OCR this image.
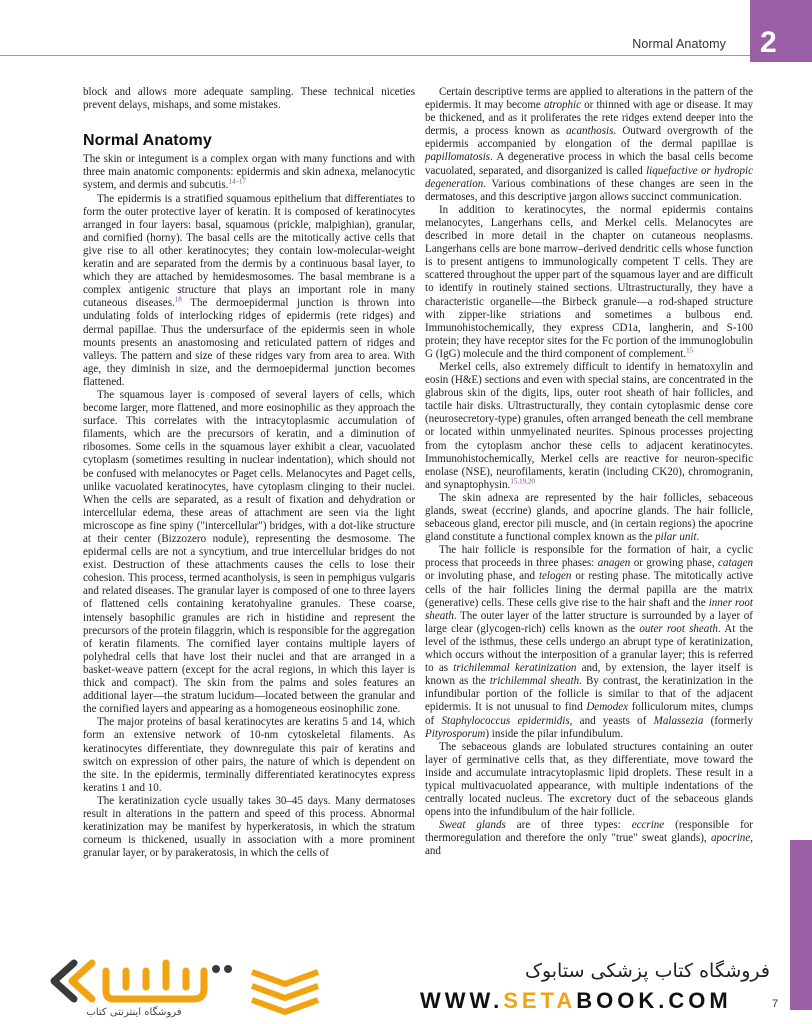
Normal Anatomy 2

block and allows more adequate sampling. These technical niceties prevent delays, mishaps, and some mistakes.

Normal Anatomy

The skin or integument is a complex organ with many functions and with three main anatomic components: epidermis and skin adnexa, melanocytic system, and dermis and subcutis.$^{14-17}$

The epidermis is a stratified squamous epithelium that differentiates to form the outer protective layer of keratin. It is composed of keratinocytes arranged in four layers: basal, squamous (prickle, malpighian), granular, and cornified (horny). The basal cells are the mitotically active cells that give rise to all other keratinocytes; they contain low-molecular-weight keratin and are separated from the dermis by a continuous basal layer, to which they are attached by hemidesmosomes. The basal membrane is a complex antigenic structure that plays an important role in many cutaneous diseases.$^{18}$ The dermoepidermal junction is thrown into undulating folds of interlocking ridges of epidermis (rete ridges) and dermal papillae. Thus the undersurface of the epidermis seen in whole mounts presents an anastomosing and reticulated pattern of ridges and valleys. The pattern and size of these ridges vary from area to area. With age, they diminish in size, and the dermoepidermal junction becomes flattened.

The squamous layer is composed of several layers of cells, which become larger, more flattened, and more eosinophilic as they approach the surface. This correlates with the intracytoplasmic accumulation of filaments, which are the precursors of keratin, and a diminution of ribosomes. Some cells in the squamous layer exhibit a clear, vacuolated cytoplasm (sometimes resulting in nuclear indentation), which should not be confused with melanocytes or Paget cells. Melanocytes and Paget cells, unlike vacuolated keratinocytes, have cytoplasm clinging to their nuclei. When the cells are separated, as a result of fixation and dehydration or intercellular edema, these areas of attachment are seen via the light microscope as fine spiny ("intercellular") bridges, with a dot-like structure at their center (Bizzozero nodule), representing the desmosome. The epidermal cells are not a syncytium, and true intercellular bridges do not exist. Destruction of these attachments causes the cells to lose their cohesion. This process, termed acantholysis, is seen in pemphigus vulgaris and related diseases. The granular layer is composed of one to three layers of flattened cells containing keratohyaline granules. These coarse, intensely basophilic granules are rich in histidine and represent the precursors of the protein filaggrin, which is responsible for the aggregation of keratin filaments. The cornified layer contains multiple layers of polyhedral cells that have lost their nuclei and that are arranged in a basket-weave pattern (except for the acral regions, in which this layer is thick and compact). The skin from the palms and soles features an additional layer—the stratum lucidum—located between the granular and the cornified layers and appearing as a homogeneous eosinophilic zone.

The major proteins of basal keratinocytes are keratins 5 and 14, which form an extensive network of 10-nm cytoskeletal filaments. As keratinocytes differentiate, they downregulate this pair of keratins and switch on expression of other pairs, the nature of which is dependent on the site. In the epidermis, terminally differentiated keratinocytes express keratins 1 and 10.

The keratinization cycle usually takes 30–45 days. Many dermatoses result in alterations in the pattern and speed of this process. Abnormal keratinization may be manifest by hyperkeratosis, in which the stratum corneum is thickened, usually in association with a more prominent granular layer, or by parakeratosis, in which the cells of

Certain descriptive terms are applied to alterations in the pattern of the epidermis. It may become atrophic or thinned with age or disease. It may be thickened, and as it proliferates the rete ridges extend deeper into the dermis, a process known as acanthosis. Outward overgrowth of the epidermis accompanied by elongation of the dermal papillae is papillomatosis. A degenerative process in which the basal cells become vacuolated, separated, and disorganized is called liquefactive or hydropic degeneration. Various combinations of these changes are seen in the dermatoses, and this descriptive jargon allows succinct communication.

In addition to keratinocytes, the normal epidermis contains melanocytes, Langerhans cells, and Merkel cells. Melanocytes are described in more detail in the chapter on cutaneous neoplasms. Langerhans cells are bone marrow–derived dendritic cells whose function is to present antigens to immunologically competent T cells. They are scattered throughout the upper part of the squamous layer and are difficult to identify in routinely stained sections. Ultrastructurally, they have a characteristic organelle—the Birbeck granule—a rod-shaped structure with zipper-like striations and sometimes a bulbous end. Immunohistochemically, they express CD1a, langherin, and S-100 protein; they have receptor sites for the Fc portion of the immunoglobulin G (IgG) molecule and the third component of complement.$^{15}$

Merkel cells, also extremely difficult to identify in hematoxylin and eosin (H&E) sections and even with special stains, are concentrated in the glabrous skin of the digits, lips, outer root sheath of hair follicles, and tactile hair disks. Ultrastructurally, they contain cytoplasmic dense core (neurosecretory-type) granules, often arranged beneath the cell membrane or located within unmyelinated neurites. Spinous processes projecting from the cytoplasm anchor these cells to adjacent keratinocytes. Immunohistochemically, Merkel cells are reactive for neuron-specific enolase (NSE), neurofilaments, keratin (including CK20), chromogranin, and synaptophysin.$^{15,19,20}$

The skin adnexa are represented by the hair follicles, sebaceous glands, sweat (eccrine) glands, and apocrine glands. The hair follicle, sebaceous gland, erector pili muscle, and (in certain regions) the apocrine gland constitute a functional complex known as the pilar unit.

The hair follicle is responsible for the formation of hair, a cyclic process that proceeds in three phases: anagen or growing phase, catagen or involuting phase, and telogen or resting phase. The mitotically active cells of the hair follicles lining the dermal papilla are the matrix (generative) cells. These cells give rise to the hair shaft and the inner root sheath. The outer layer of the latter structure is surrounded by a layer of large clear (glycogen-rich) cells known as the outer root sheath. At the level of the isthmus, these cells undergo an abrupt type of keratinization, which occurs without the interposition of a granular layer; this is referred to as trichilemmal keratinization and, by extension, the layer itself is known as the trichilemmal sheath. By contrast, the keratinization in the infundibular portion of the follicle is similar to that of the adjacent epidermis. It is not unusual to find Demodex folliculorum mites, clumps of Staphylococcus epidermidis, and yeasts of Malassezia (formerly Pityrosporum) inside the pilar infundibulum.

The sebaceous glands are lobulated structures containing an outer layer of germinative cells that, as they differentiate, move toward the inside and accumulate intracytoplasmic lipid droplets. These result in a typical multivacuolated appearance, with multiple indentations of the centrally located nucleus. The excretory duct of the sebaceous glands opens into the infundibulum of the hair follicle.

Sweat glands are of three types: eccrine (responsible for thermoregulation and therefore the only "true" sweat glands), apocrine, and

فروشگاه اینترنتی کتاب
فروشگاه کتاب پزشکی ستابوک
WWW.SETABOOK.COM	7
